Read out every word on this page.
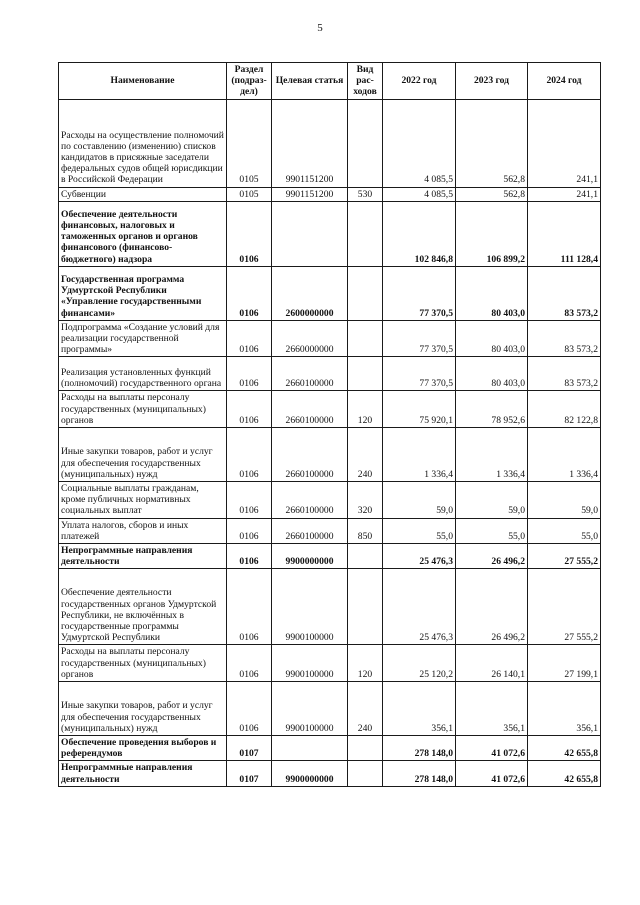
5
Наименование	Раздел (подраз-дел)	Целевая статья	Вид рас-ходов	2022 год	2023 год	2024 год
Расходы на осуществление полномочий по составлению (изменению) списков кандидатов в присяжные заседатели федеральных судов общей юрисдикции в Российской Федерации	0105	9901151200		4 085,5	562,8	241,1
Субвенции	0105	9901151200	530	4 085,5	562,8	241,1
Обеспечение деятельности финансовых, налоговых и таможенных органов и органов финансового (финансово-бюджетного) надзора	0106			102 846,8	106 899,2	111 128,4
Государственная программа Удмуртской Республики «Управление государственными финансами»	0106	2600000000		77 370,5	80 403,0	83 573,2
Подпрограмма «Создание условий для реализации государственной программы»	0106	2660000000		77 370,5	80 403,0	83 573,2
Реализация установленных функций (полномочий) государственного органа	0106	2660100000		77 370,5	80 403,0	83 573,2
Расходы на выплаты персоналу государственных (муниципальных) органов	0106	2660100000	120	75 920,1	78 952,6	82 122,8
Иные закупки товаров, работ и услуг для обеспечения государственных (муниципальных) нужд	0106	2660100000	240	1 336,4	1 336,4	1 336,4
Социальные выплаты гражданам, кроме публичных нормативных социальных выплат	0106	2660100000	320	59,0	59,0	59,0
Уплата налогов, сборов и иных платежей	0106	2660100000	850	55,0	55,0	55,0
Непрограммные направления деятельности	0106	9900000000		25 476,3	26 496,2	27 555,2
Обеспечение деятельности государственных органов Удмуртской Республики, не включённых в государственные программы Удмуртской Республики	0106	9900100000		25 476,3	26 496,2	27 555,2
Расходы на выплаты персоналу государственных (муниципальных) органов	0106	9900100000	120	25 120,2	26 140,1	27 199,1
Иные закупки товаров, работ и услуг для обеспечения государственных (муниципальных) нужд	0106	9900100000	240	356,1	356,1	356,1
Обеспечение проведения выборов и референдумов	0107			278 148,0	41 072,6	42 655,8
Непрограммные направления деятельности	0107	9900000000		278 148,0	41 072,6	42 655,8
